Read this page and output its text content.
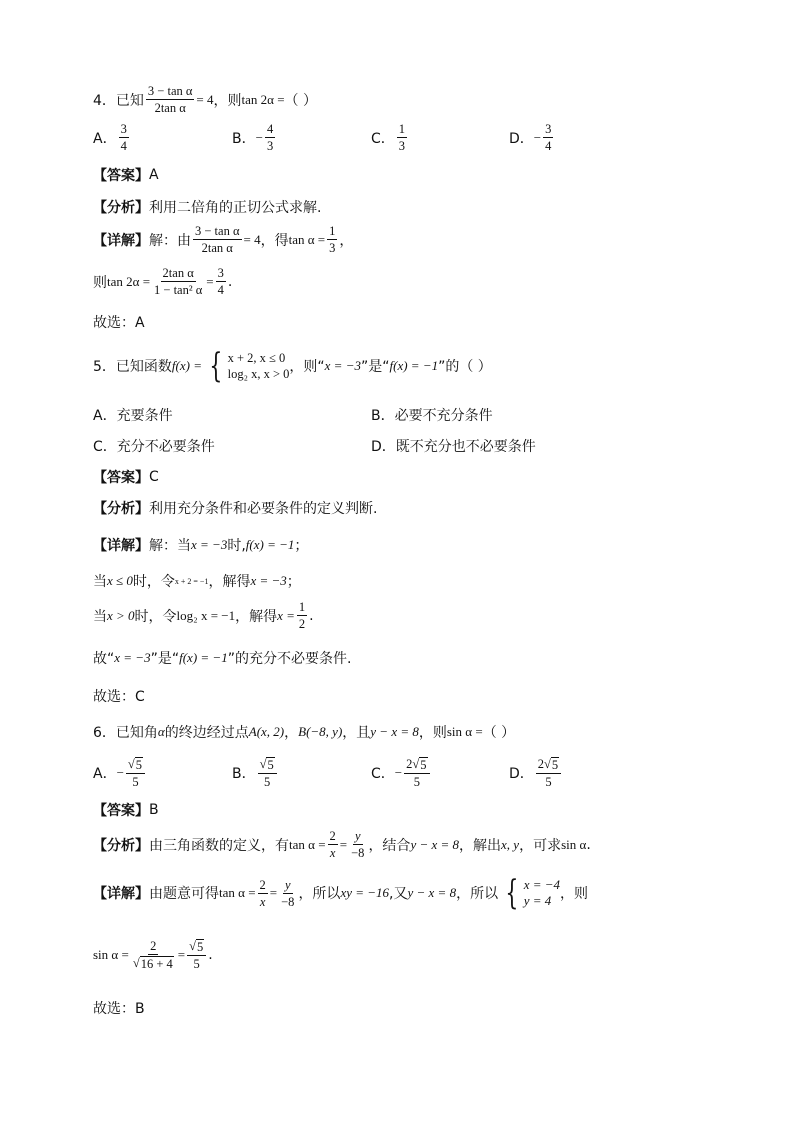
4．已知 $\frac{\text{3 − tan α}}{\text{2tan α}} = 4$ ，则 tan 2α = （ ）
A． $\frac{3}{4}$	B． − $\frac{4}{3}$	C． $\frac{1}{3}$	D． − $\frac{3}{4}$
【答案】 A
【分析】 利用二倍角的正切公式求解.
【详解】 解：由 $\frac{\text{3 − tan α}}{\text{2tan α}} = 4$ ，得 $\tan \alpha = \frac{1}{3}$ ，
则 $\tan 2\alpha = \frac{\text{2tan α}}{\text{1 − tan² α}} = \frac{3}{4}$ .
故选：A
5．已知函数 f(x) = { x + 2, x ≤ 0
log₂ x, x > 0 ，则“ x = −3 ”是“ f(x) = −1 ”的（ ）
A． 充要条件	B． 必要不充分条件
C． 充分不必要条件	D． 既不充分也不必要条件
【答案】 C
【分析】 利用充分条件和必要条件的定义判断.
【详解】 解：当 x = −3 时, f(x) = −1 ；
当 x ≤ 0 时，令 x + 2 = −1 ，解得 x = −3 ；
当 x > 0 时，令 log₂ x = −1 ，解得 $x = \frac{1}{2}$ .
故“ x = −3 ”是“ f(x) = −1 ”的充分不必要条件.
故选：C
6．已知角 α 的终边经过点 A(x, 2) ， B(−8, y) ，且 y − x = 8 ，则 sin α = （ ）
A． − $\frac{√ 5}{5}$	B． $\frac{√ 5}{5}$	C． − $\frac{2√ 5}{5}$	D． $\frac{2√ 5}{5}$
【答案】 B
【分析】 由三角函数的定义，有 $\tan \alpha = \frac{2}{x} = \frac{y}{-8}$ ，结合 y − x = 8 ，解出 x, y ，可求 sin α .
【详解】 由题意可得 $\tan \alpha = \frac{2}{x} = \frac{y}{-8}$ ，所以 xy = −16 ,又 y − x = 8 ，所以 { x = −4
y = 4 ，则
$\sin \alpha = \frac{2}{√ 16 + 4} = \frac{√ 5}{5}$ .
故选：B
